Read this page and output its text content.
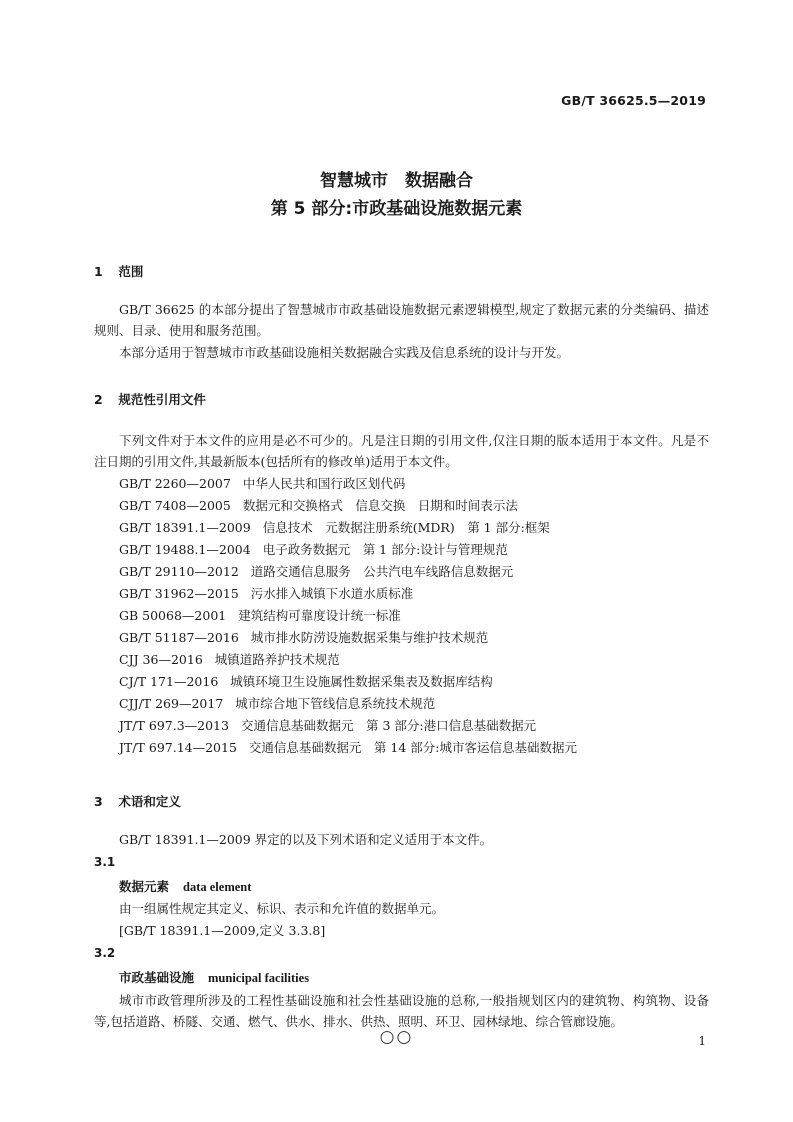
GB/T 36625.5—2019
智慧城市　数据融合
第 5 部分:市政基础设施数据元素
1 范围
GB/T 36625 的本部分提出了智慧城市市政基础设施数据元素逻辑模型,规定了数据元素的分类编码、描述规则、目录、使用和服务范围。
本部分适用于智慧城市市政基础设施相关数据融合实践及信息系统的设计与开发。
2 规范性引用文件
下列文件对于本文件的应用是必不可少的。凡是注日期的引用文件,仅注日期的版本适用于本文件。凡是不注日期的引用文件,其最新版本(包括所有的修改单)适用于本文件。
GB/T 2260—2007 中华人民共和国行政区划代码
GB/T 7408—2005 数据元和交换格式　信息交换　日期和时间表示法
GB/T 18391.1—2009 信息技术　元数据注册系统(MDR)　第 1 部分:框架
GB/T 19488.1—2004 电子政务数据元　第 1 部分:设计与管理规范
GB/T 29110—2012 道路交通信息服务　公共汽电车线路信息数据元
GB/T 31962—2015 污水排入城镇下水道水质标准
GB 50068—2001 建筑结构可靠度设计统一标准
GB/T 51187—2016 城市排水防涝设施数据采集与维护技术规范
CJJ 36—2016 城镇道路养护技术规范
CJ/T 171—2016 城镇环境卫生设施属性数据采集表及数据库结构
CJJ/T 269—2017 城市综合地下管线信息系统技术规范
JT/T 697.3—2013 交通信息基础数据元　第 3 部分:港口信息基础数据元
JT/T 697.14—2015 交通信息基础数据元　第 14 部分:城市客运信息基础数据元
3 术语和定义
GB/T 18391.1—2009 界定的以及下列术语和定义适用于本文件。
3.1
数据元素 data element
由一组属性规定其定义、标识、表示和允许值的数据单元。
[GB/T 18391.1—2009,定义 3.3.8]
3.2
市政基础设施 municipal facilities
城市市政管理所涉及的工程性基础设施和社会性基础设施的总称,一般指规划区内的建筑物、构筑物、设备等,包括道路、桥隧、交通、燃气、供水、排水、供热、照明、环卫、园林绿地、综合管廊设施。
○○	1
